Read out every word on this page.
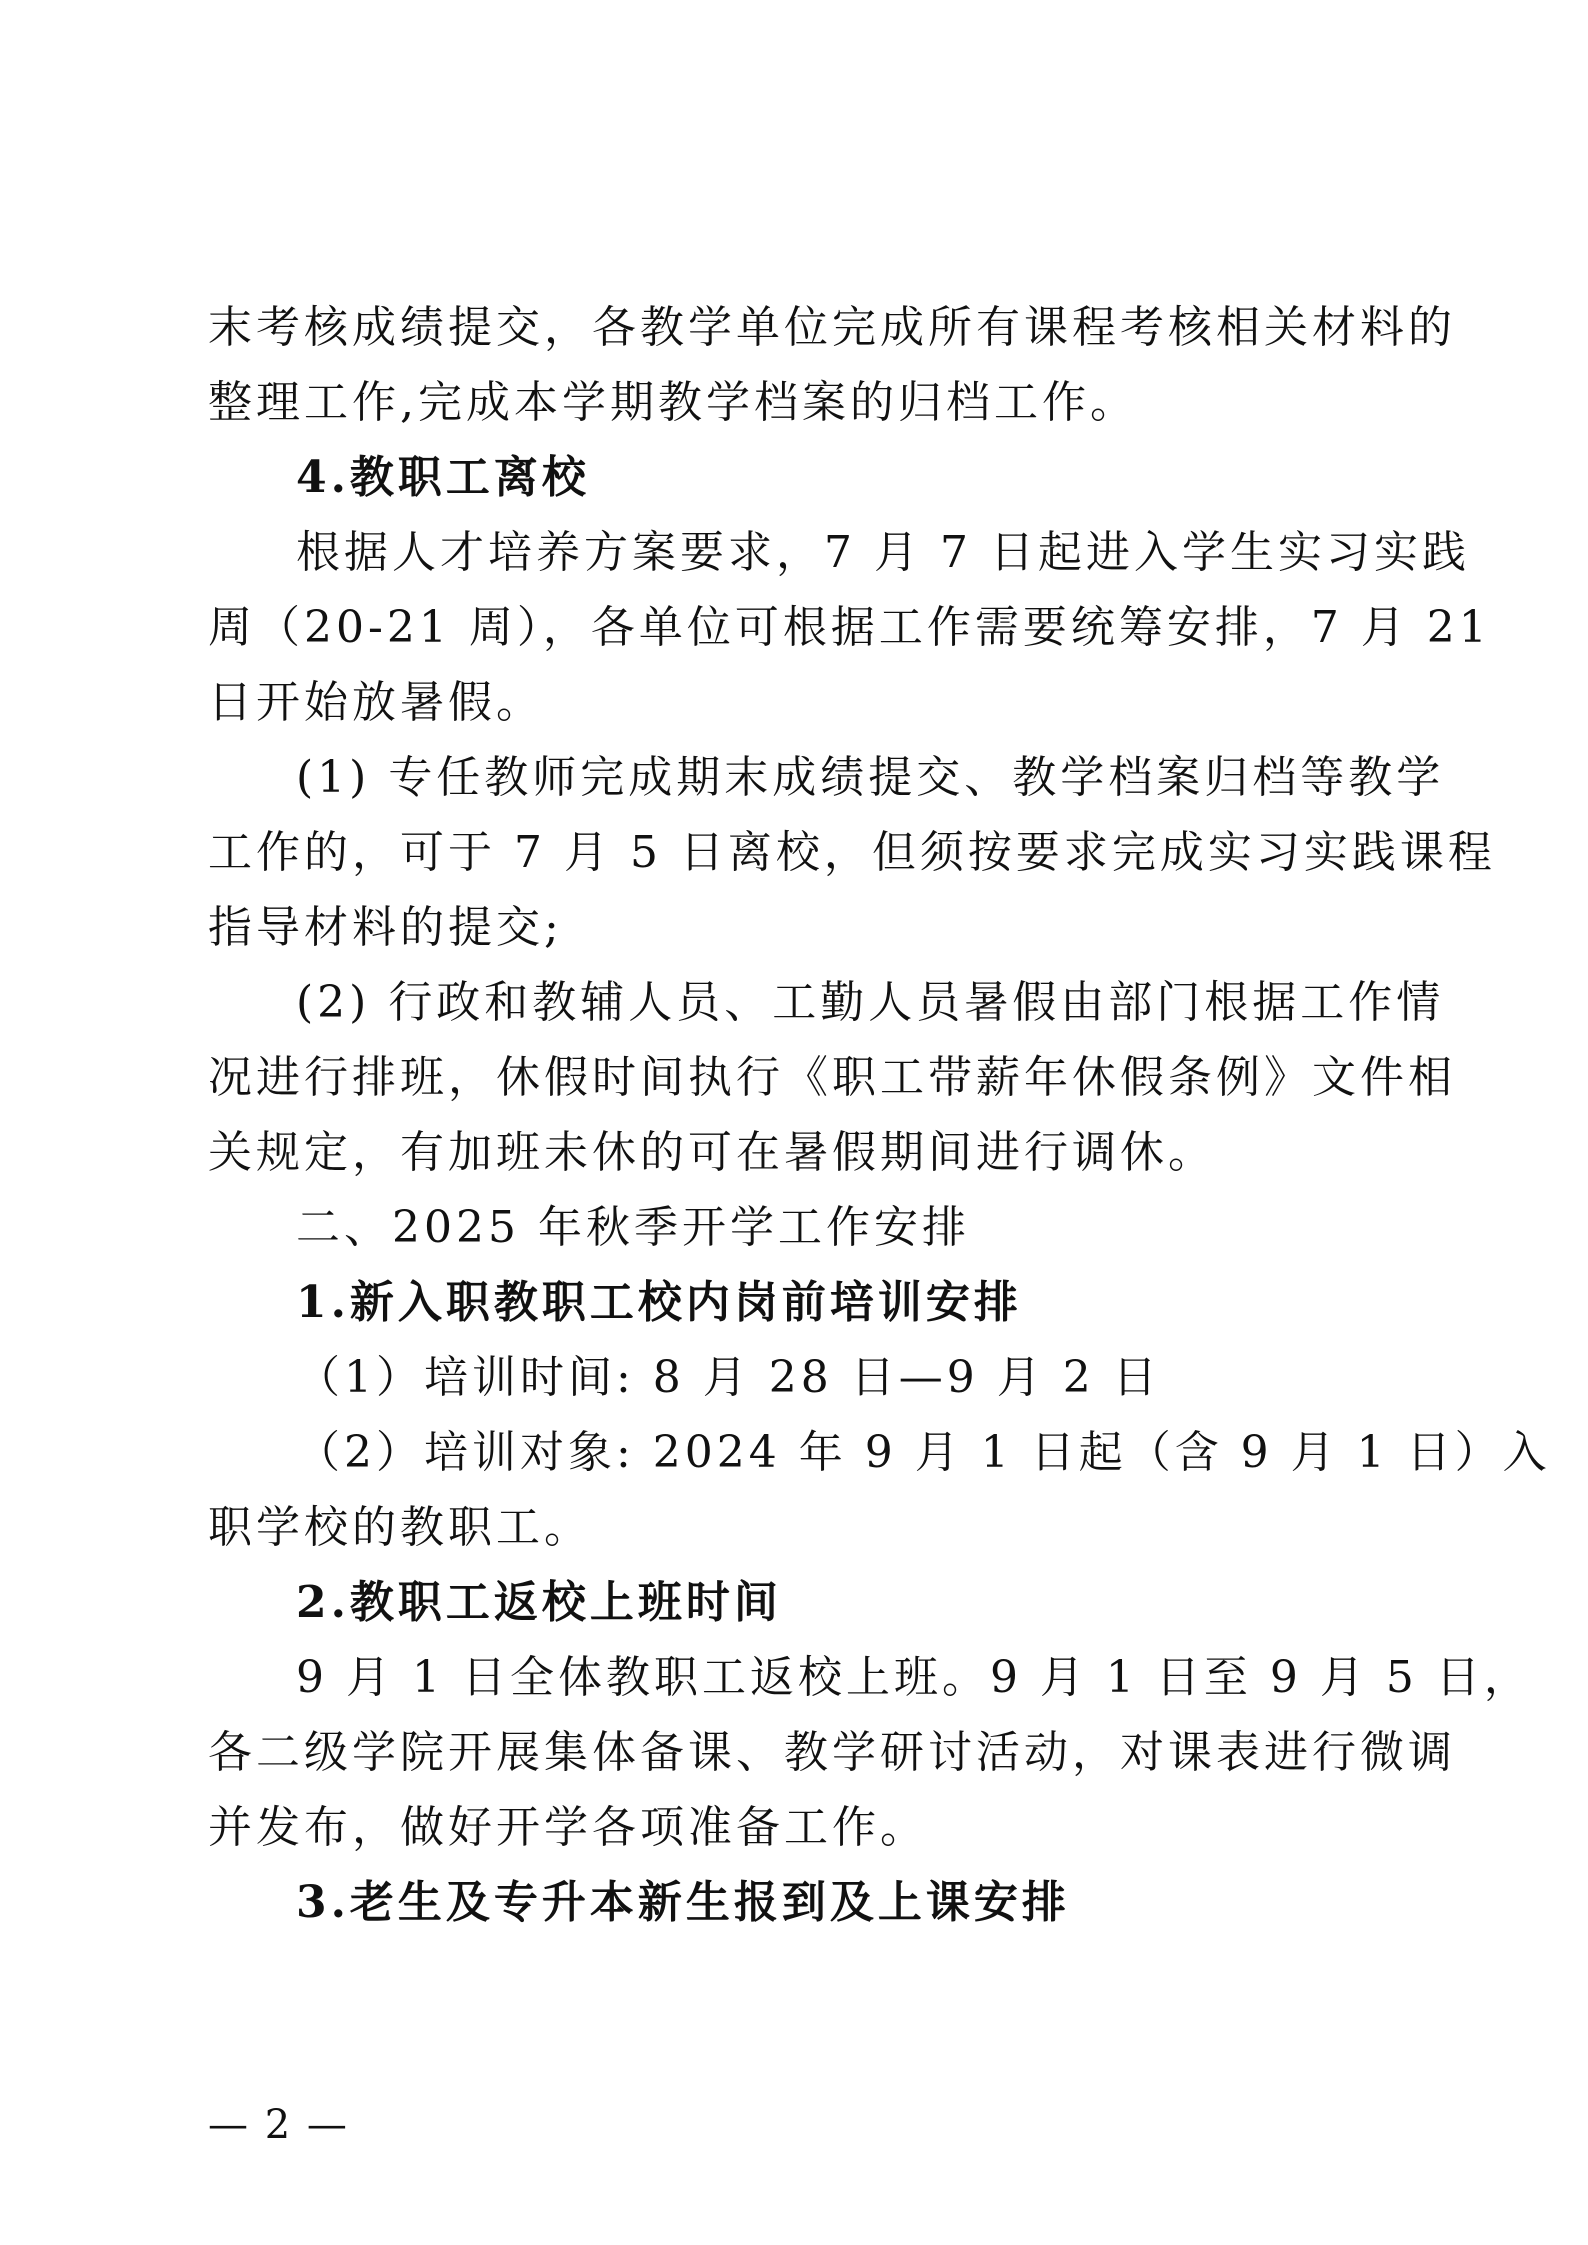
末考核成绩提交，各教学单位完成所有课程考核相关材料的
整理工作,完成本学期教学档案的归档工作。
4.教职工离校
根据人才培养方案要求，7 月 7 日起进入学生实习实践
周（20-21 周），各单位可根据工作需要统筹安排，7 月 21
日开始放暑假。
(1) 专任教师完成期末成绩提交、教学档案归档等教学
工作的，可于 7 月 5 日离校，但须按要求完成实习实践课程
指导材料的提交;
(2) 行政和教辅人员、工勤人员暑假由部门根据工作情
况进行排班，休假时间执行《职工带薪年休假条例》文件相
关规定，有加班未休的可在暑假期间进行调休。
二、2025 年秋季开学工作安排
1.新入职教职工校内岗前培训安排
（1）培训时间: 8 月 28 日—9 月 2 日
（2）培训对象: 2024 年 9 月 1 日起（含 9 月 1 日）入
职学校的教职工。
2.教职工返校上班时间
9 月 1 日全体教职工返校上班。9 月 1 日至 9 月 5 日，
各二级学院开展集体备课、教学研讨活动，对课表进行微调
并发布，做好开学各项准备工作。
3.老生及专升本新生报到及上课安排
— 2 —
